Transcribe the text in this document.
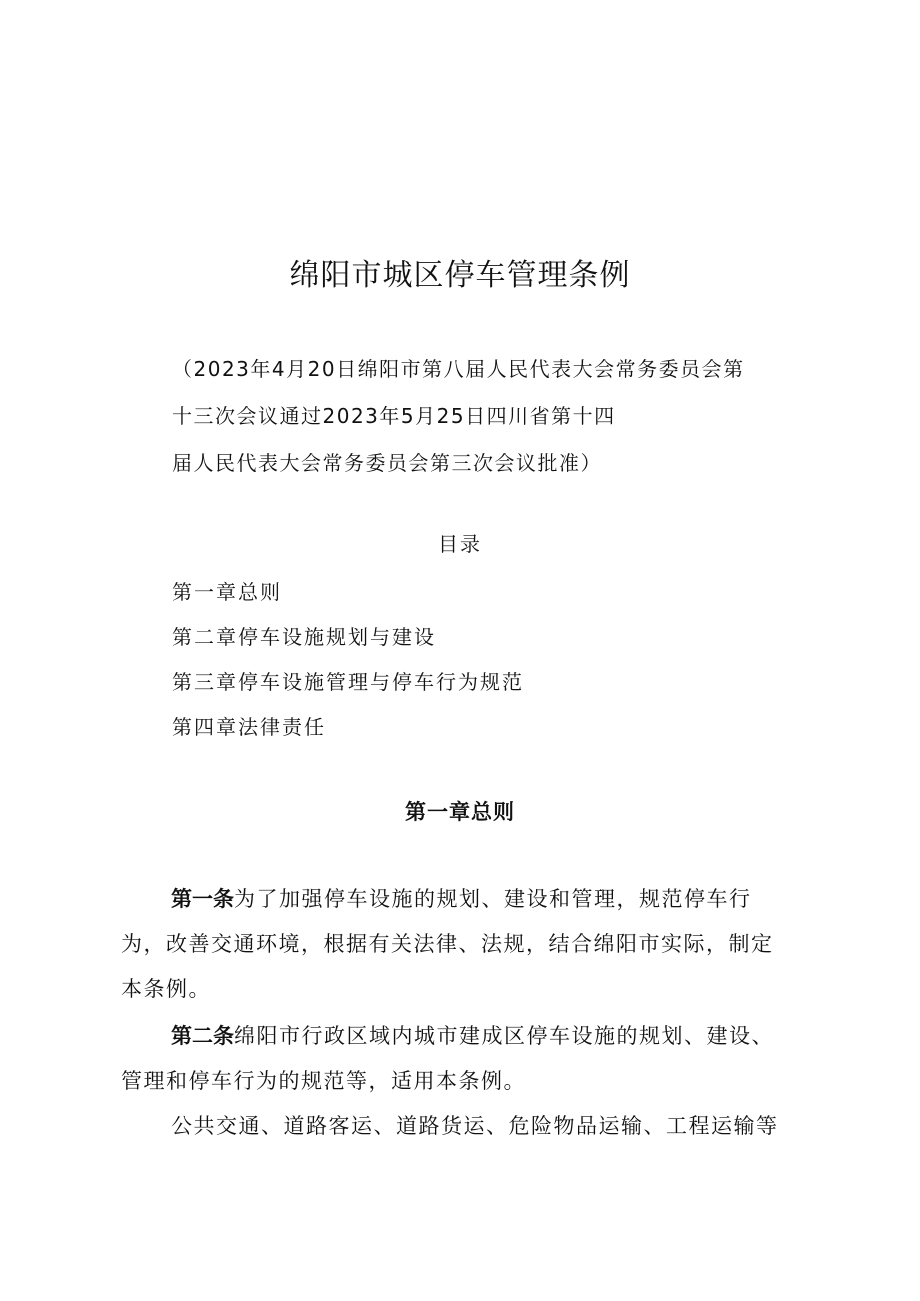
绵阳市城区停车管理条例
（2023年4月20日绵阳市第八届人民代表大会常务委员会第
十三次会议通过2023年5月25日四川省第十四
届人民代表大会常务委员会第三次会议批准）
目录
第一章总则
第二章停车设施规划与建设
第三章停车设施管理与停车行为规范
第四章法律责任
第一章总则
第一条为了加强停车设施的规划、建设和管理，规范停车行
为，改善交通环境，根据有关法律、法规，结合绵阳市实际，制定
本条例。
第二条绵阳市行政区域内城市建成区停车设施的规划、建设、
管理和停车行为的规范等，适用本条例。
公共交通、道路客运、道路货运、危险物品运输、工程运输等
